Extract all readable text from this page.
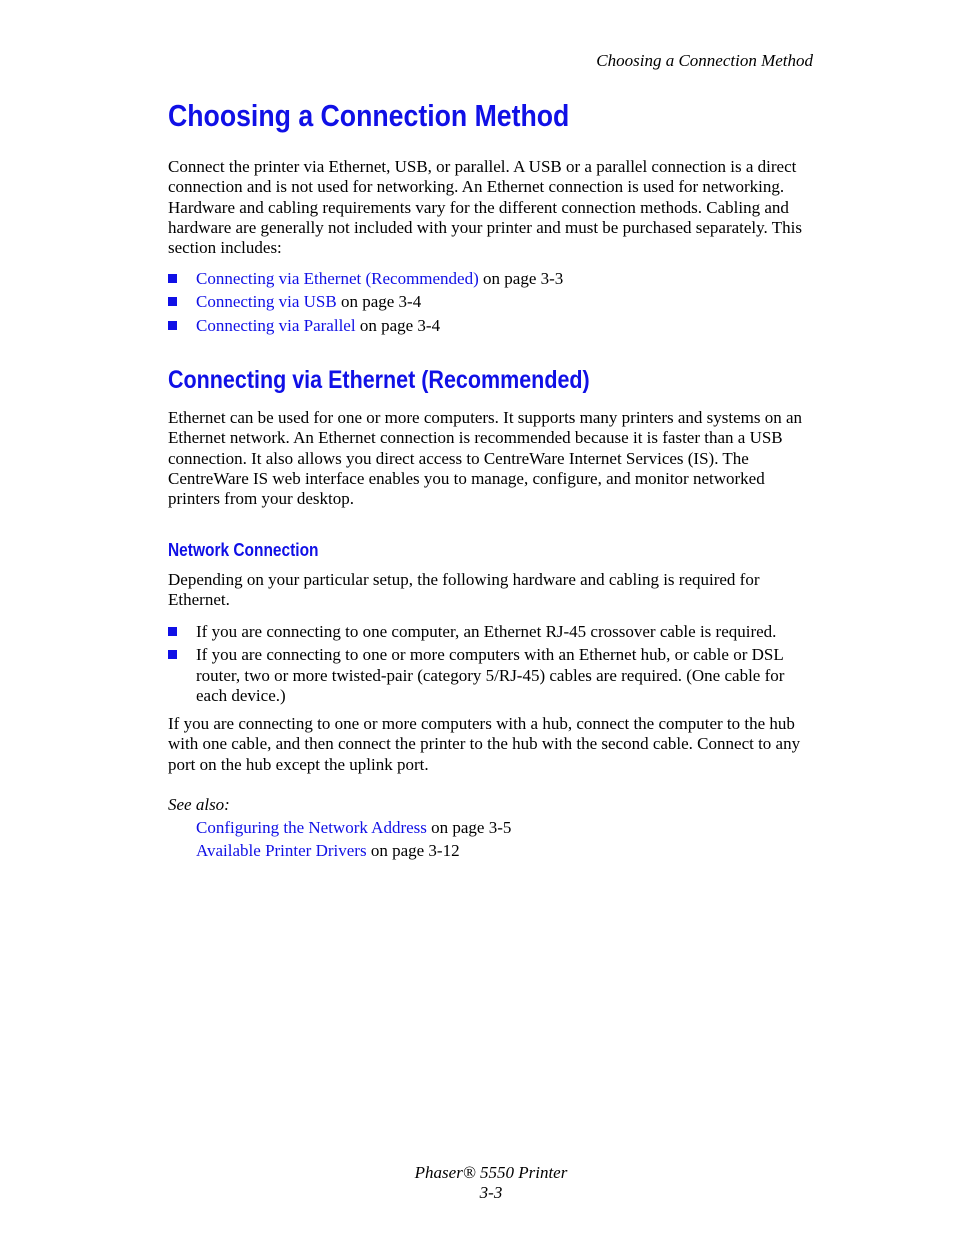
Choosing a Connection Method
Choosing a Connection Method

Connect the printer via Ethernet, USB, or parallel. A USB or a parallel connection is a direct connection and is not used for networking. An Ethernet connection is used for networking. Hardware and cabling requirements vary for the different connection methods. Cabling and hardware are generally not included with your printer and must be purchased separately. This section includes:

Connecting via Ethernet (Recommended) on page 3-3
Connecting via USB on page 3-4
Connecting via Parallel on page 3-4
Connecting via Ethernet (Recommended)

Ethernet can be used for one or more computers. It supports many printers and systems on an Ethernet network. An Ethernet connection is recommended because it is faster than a USB connection. It also allows you direct access to CentreWare Internet Services (IS). The CentreWare IS web interface enables you to manage, configure, and monitor networked printers from your desktop.

Network Connection

Depending on your particular setup, the following hardware and cabling is required for Ethernet.

If you are connecting to one computer, an Ethernet RJ-45 crossover cable is required.
If you are connecting to one or more computers with an Ethernet hub, or cable or DSL router, two or more twisted-pair (category 5/RJ-45) cables are required. (One cable for each device.)

If you are connecting to one or more computers with a hub, connect the computer to the hub with one cable, and then connect the printer to the hub with the second cable. Connect to any port on the hub except the uplink port.

See also:
Configuring the Network Address on page 3-5
Available Printer Drivers on page 3-12
Phaser® 5550 Printer
3-3
